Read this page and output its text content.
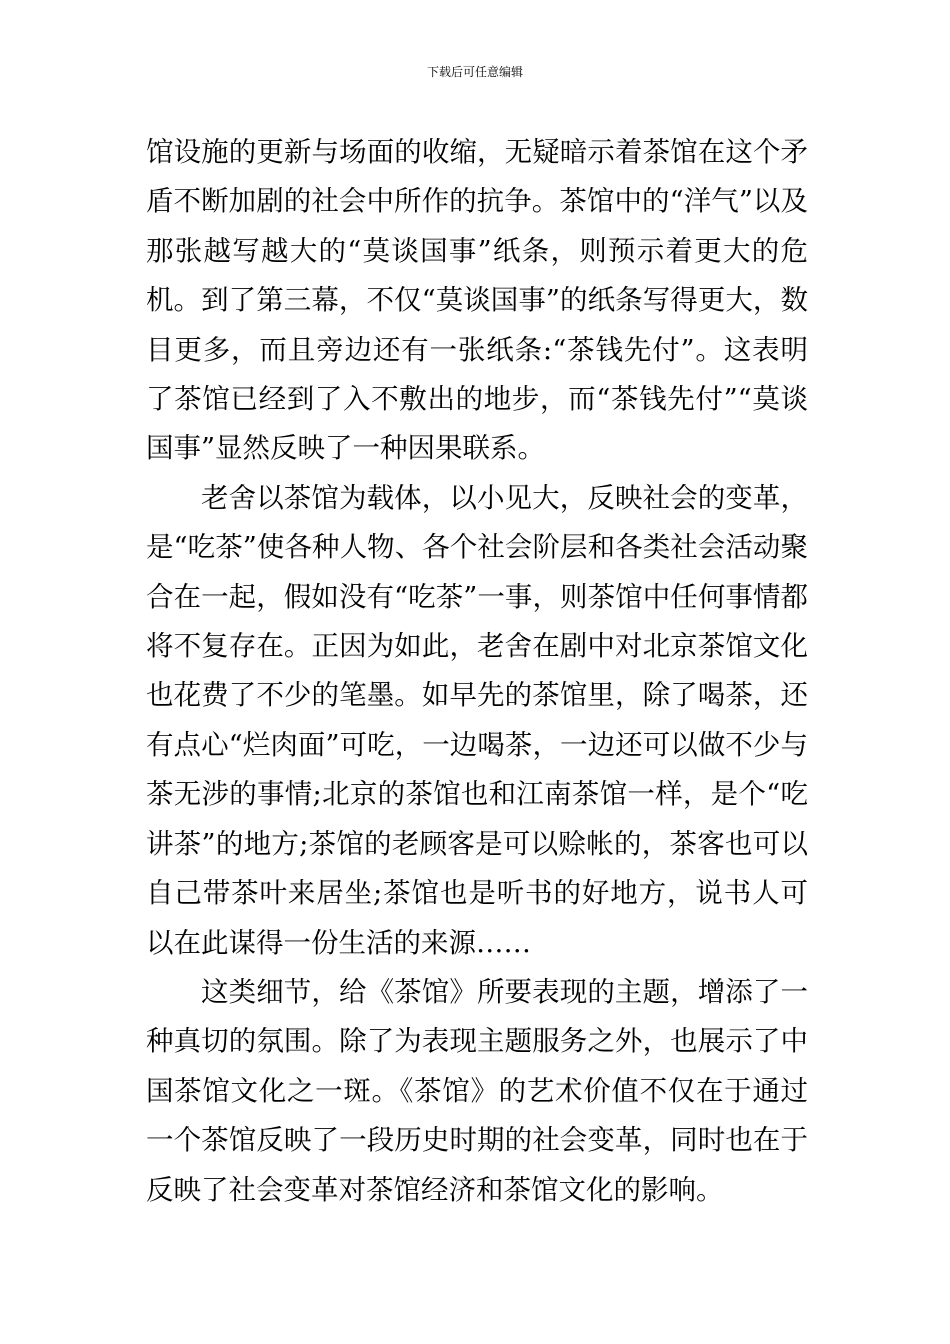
下载后可任意编辑

馆设施的更新与场面的收缩，无疑暗示着茶馆在这个矛盾不断加剧的社会中所作的抗争。茶馆中的“洋气”以及那张越写越大的“莫谈国事”纸条，则预示着更大的危机。到了第三幕，不仅“莫谈国事”的纸条写得更大，数目更多，而且旁边还有一张纸条:“茶钱先付”。这表明了茶馆已经到了入不敷出的地步，而“茶钱先付”“莫谈国事”显然反映了一种因果联系。

老舍以茶馆为载体，以小见大，反映社会的变革，是“吃茶”使各种人物、各个社会阶层和各类社会活动聚合在一起，假如没有“吃茶”一事，则茶馆中任何事情都将不复存在。正因为如此，老舍在剧中对北京茶馆文化也花费了不少的笔墨。如早先的茶馆里，除了喝茶，还有点心“烂肉面”可吃，一边喝茶，一边还可以做不少与茶无涉的事情;北京的茶馆也和江南茶馆一样，是个“吃讲茶”的地方;茶馆的老顾客是可以赊帐的，茶客也可以自己带茶叶来居坐;茶馆也是听书的好地方，说书人可以在此谋得一份生活的来源……

这类细节，给《茶馆》所要表现的主题，增添了一种真切的氛围。除了为表现主题服务之外，也展示了中国茶馆文化之一斑。《茶馆》的艺术价值不仅在于通过一个茶馆反映了一段历史时期的社会变革，同时也在于反映了社会变革对茶馆经济和茶馆文化的影响。
